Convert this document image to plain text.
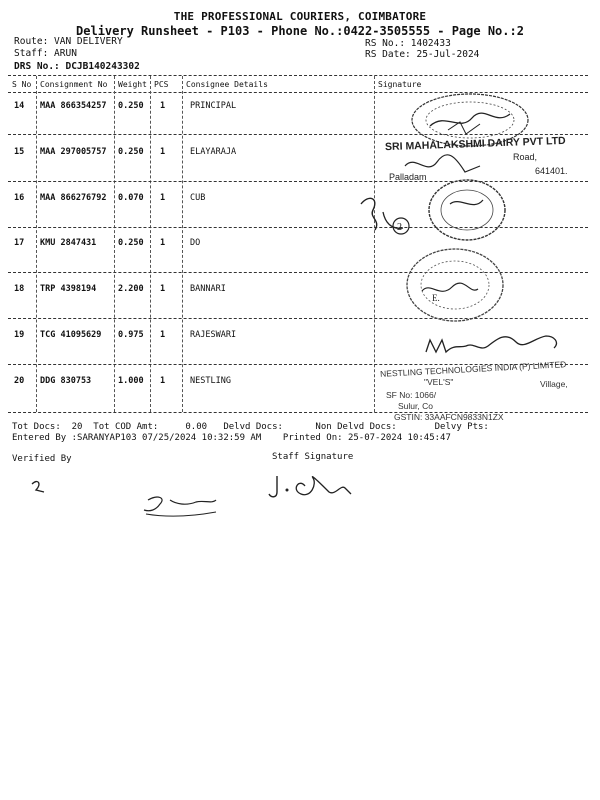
THE PROFESSIONAL COURIERS, COIMBATORE
Delivery Runsheet - P103 - Phone No.:0422-3505555 - Page No.:2
Route: VAN DELIVERY
Staff: ARUN
DRS No.: DCJB140243302
RS No.: 1402433
RS Date: 25-Jul-2024
S No Consignment No Weight PCS Consignee Details	Signature
14 MAA 866354257 0.250 1	PRINCIPAL
15 MAA 297005757 0.250 1	ELAYARAJA
16 MAA 866276792 0.070 1	CUB
17 KMU 2847431	0.250 1	DO
18 TRP 4398194	2.200 1	BANNARI
19 TCG 41095629 0.975 1	RAJESWARI
20 DDG 830753	1.000 1	NESTLING
Tot Docs:  20  Tot COD Amt:     0.00   Delvd Docs:      Non Delvd Docs:       Delvy Pts:
Entered By :SARANYAP103 07/25/2024 10:32:59 AM    Printed On: 25-07-2024 10:45:47
Verified By	Staff Signature
SRI MAHALAKSHMI DAIRY PVT LTD
Road,
641401.
Palladam
2
E.
NESTLING TECHNOLOGIES INDIA (P) LIMITED
"VEL'S"	Village,
SF No: 1066/
Sulur, Co
GSTIN: 33AAFCN9833N1ZX
